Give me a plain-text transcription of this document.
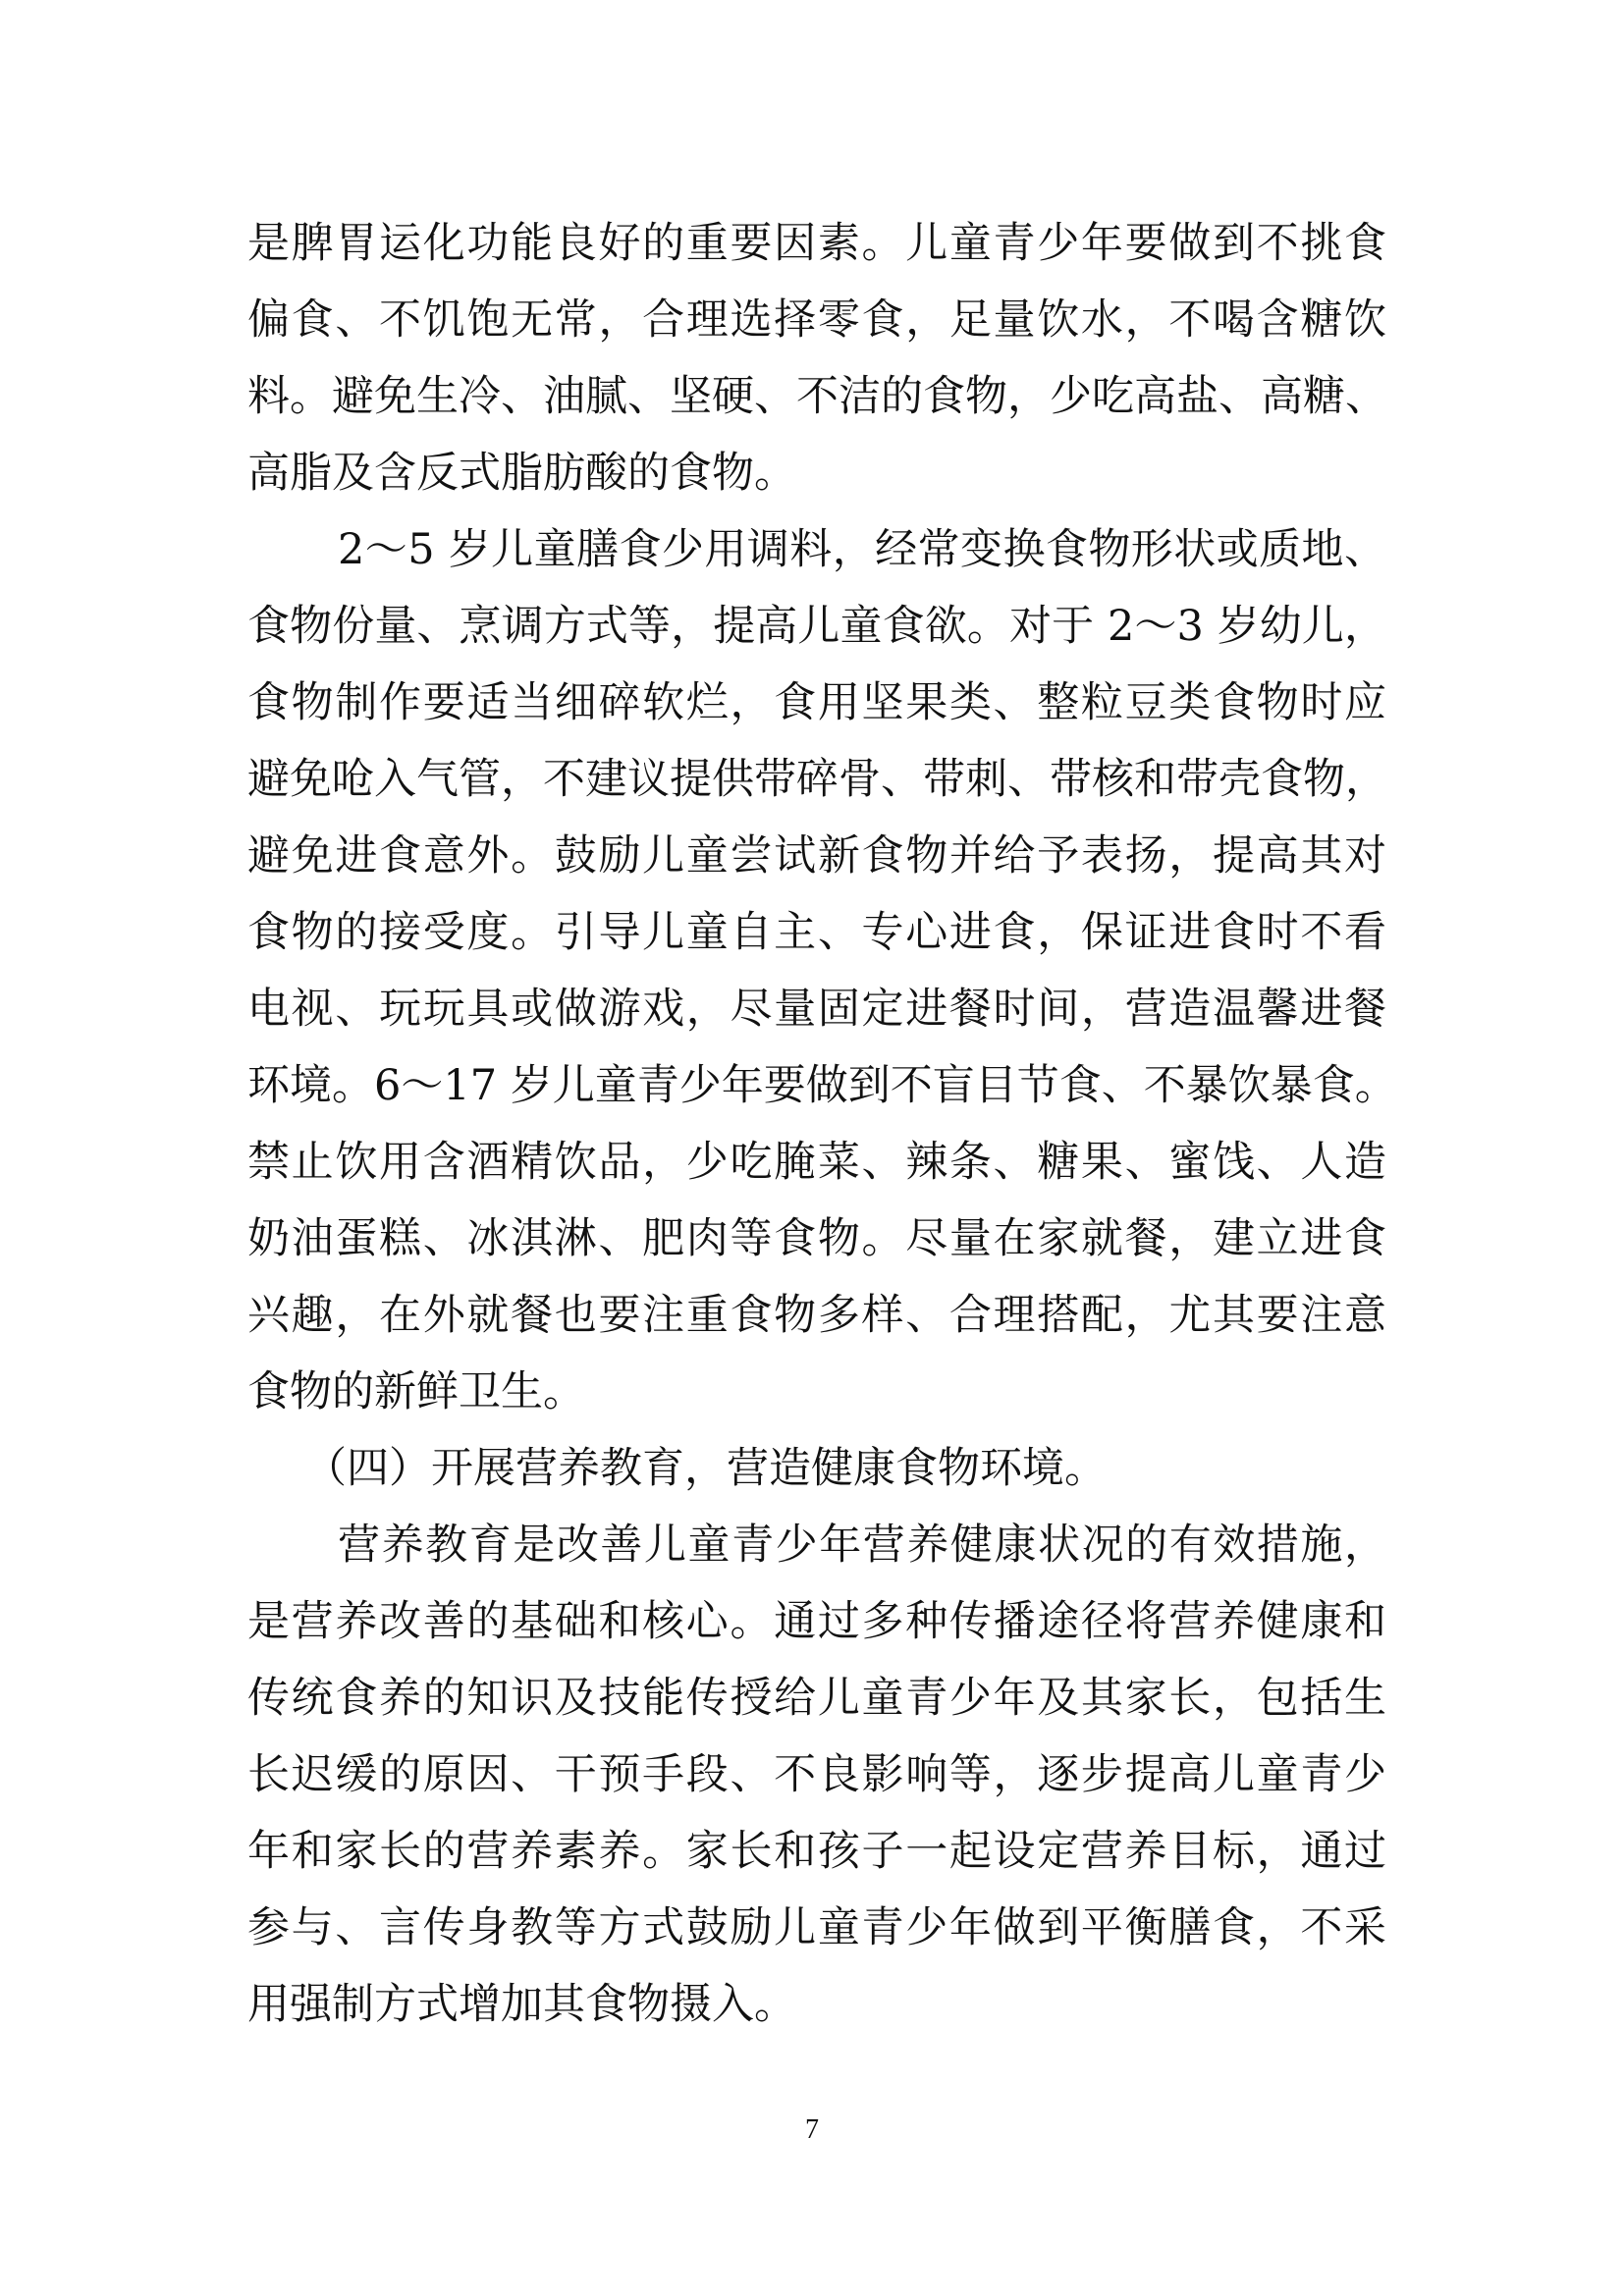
是脾胃运化功能良好的重要因素。儿童青少年要做到不挑食
偏食、不饥饱无常，合理选择零食，足量饮水，不喝含糖饮
料。避免生冷、油腻、坚硬、不洁的食物，少吃高盐、高糖、
高脂及含反式脂肪酸的食物。
2～5 岁儿童膳食少用调料，经常变换食物形状或质地、
食物份量、烹调方式等，提高儿童食欲。对于 2～3 岁幼儿，
食物制作要适当细碎软烂，食用坚果类、整粒豆类食物时应
避免呛入气管，不建议提供带碎骨、带刺、带核和带壳食物，
避免进食意外。鼓励儿童尝试新食物并给予表扬，提高其对
食物的接受度。引导儿童自主、专心进食，保证进食时不看
电视、玩玩具或做游戏，尽量固定进餐时间，营造温馨进餐
环境。6～17 岁儿童青少年要做到不盲目节食、不暴饮暴食。
禁止饮用含酒精饮品，少吃腌菜、辣条、糖果、蜜饯、人造
奶油蛋糕、冰淇淋、肥肉等食物。尽量在家就餐，建立进食
兴趣，在外就餐也要注重食物多样、合理搭配，尤其要注意
食物的新鲜卫生。
（四）开展营养教育，营造健康食物环境。
营养教育是改善儿童青少年营养健康状况的有效措施，
是营养改善的基础和核心。通过多种传播途径将营养健康和
传统食养的知识及技能传授给儿童青少年及其家长，包括生
长迟缓的原因、干预手段、不良影响等，逐步提高儿童青少
年和家长的营养素养。家长和孩子一起设定营养目标，通过
参与、言传身教等方式鼓励儿童青少年做到平衡膳食，不采
用强制方式增加其食物摄入。
7
